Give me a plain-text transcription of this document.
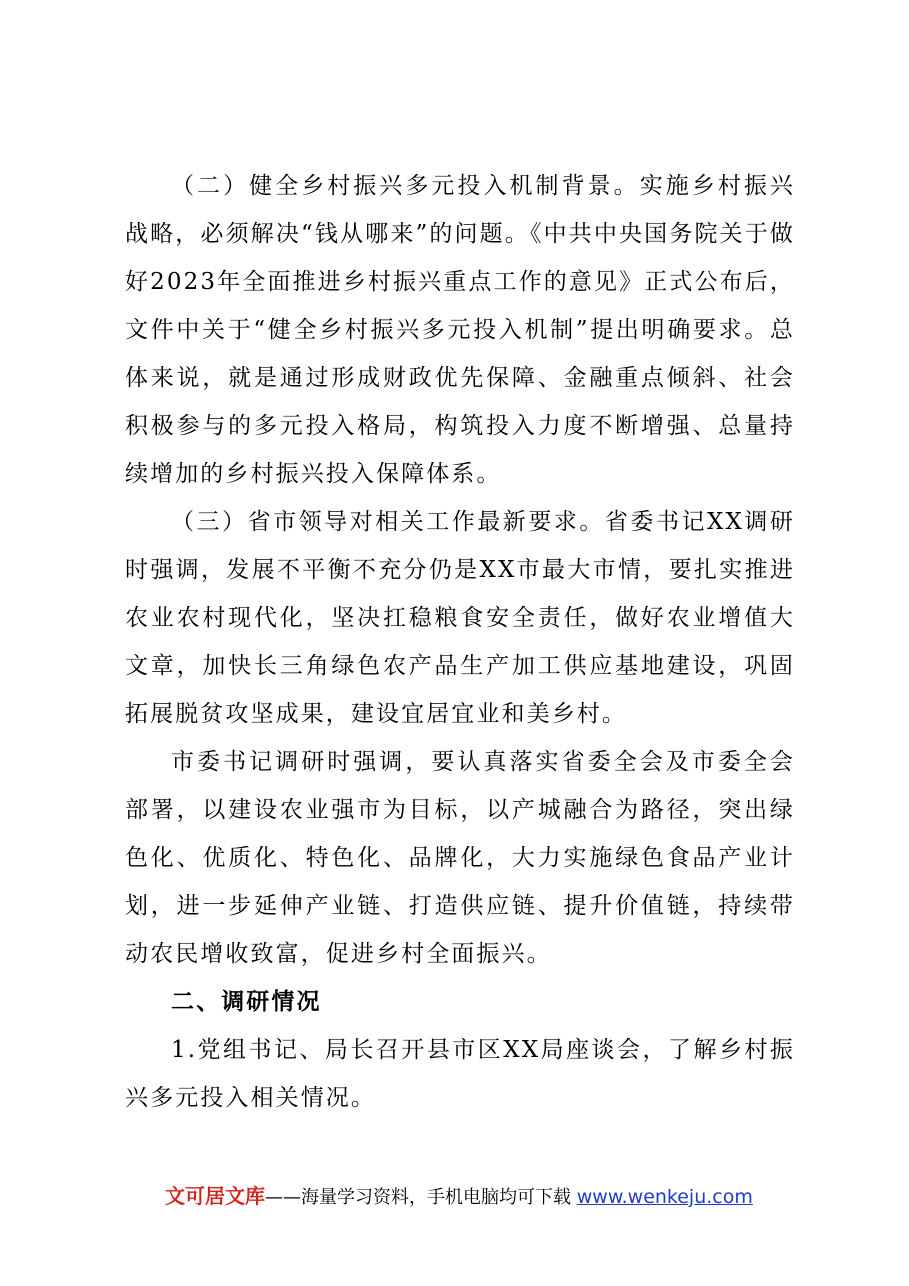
（二）健全乡村振兴多元投入机制背景。实施乡村振兴战略，必须解决“钱从哪来”的问题。《中共中央国务院关于做好2023年全面推进乡村振兴重点工作的意见》正式公布后，文件中关于“健全乡村振兴多元投入机制”提出明确要求。总体来说，就是通过形成财政优先保障、金融重点倾斜、社会积极参与的多元投入格局，构筑投入力度不断增强、总量持续增加的乡村振兴投入保障体系。

（三）省市领导对相关工作最新要求。省委书记XX调研时强调，发展不平衡不充分仍是XX市最大市情，要扎实推进农业农村现代化，坚决扛稳粮食安全责任，做好农业增值大文章，加快长三角绿色农产品生产加工供应基地建设，巩固拓展脱贫攻坚成果，建设宜居宜业和美乡村。

市委书记调研时强调，要认真落实省委全会及市委全会部署，以建设农业强市为目标，以产城融合为路径，突出绿色化、优质化、特色化、品牌化，大力实施绿色食品产业计划，进一步延伸产业链、打造供应链、提升价值链，持续带动农民增收致富，促进乡村全面振兴。

二、调研情况

1.党组书记、局长召开县市区XX局座谈会，了解乡村振兴多元投入相关情况。

文可居文库——海量学习资料，手机电脑均可下载 www.wenkeju.com
